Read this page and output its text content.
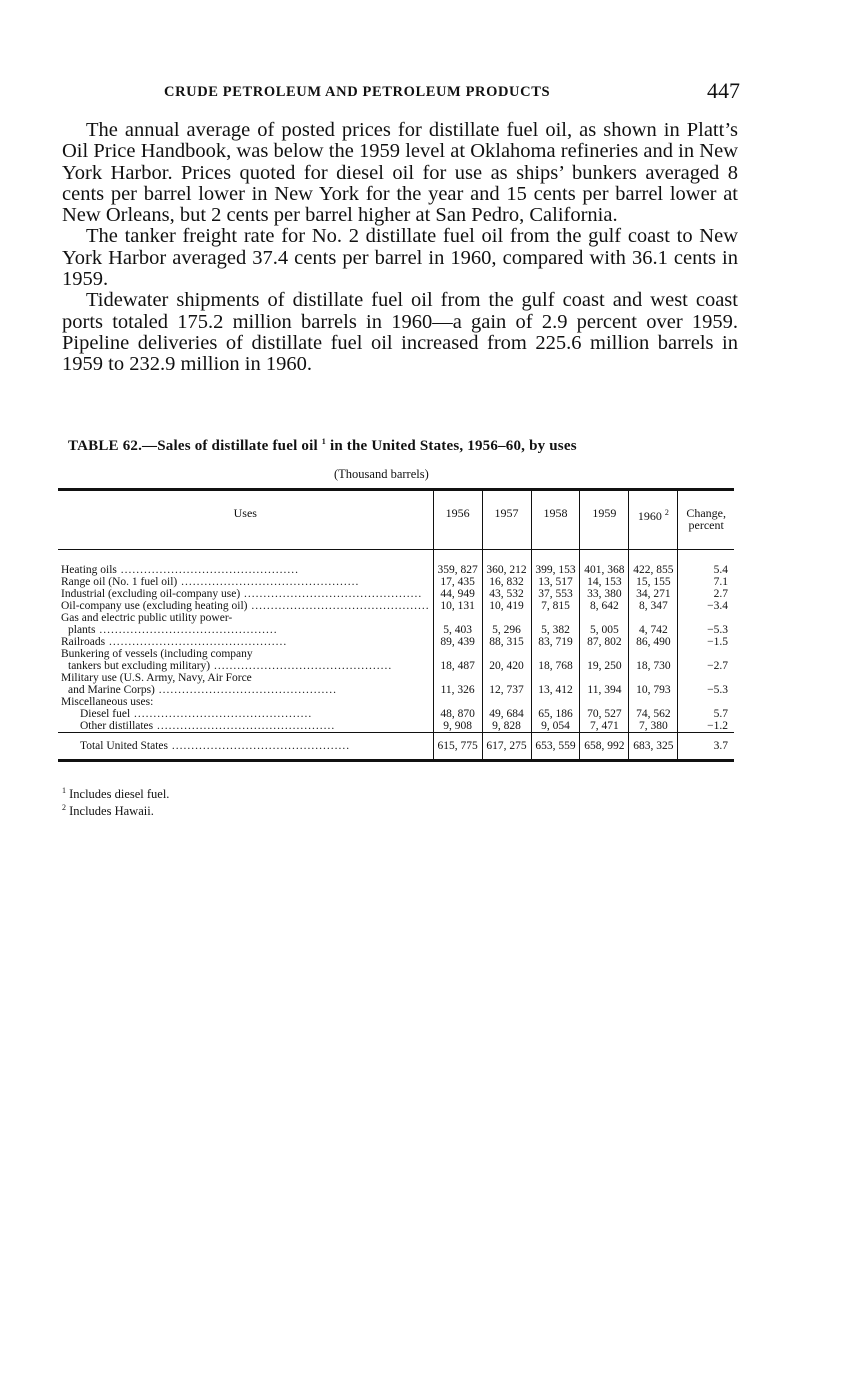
CRUDE PETROLEUM AND PETROLEUM PRODUCTS	447

The annual average of posted prices for distillate fuel oil, as shown in Platt’s Oil Price Handbook, was below the 1959 level at Oklahoma refineries and in New York Harbor. Prices quoted for diesel oil for use as ships’ bunkers averaged 8 cents per barrel lower in New York for the year and 15 cents per barrel lower at New Orleans, but 2 cents per barrel higher at San Pedro, California.

The tanker freight rate for No. 2 distillate fuel oil from the gulf coast to New York Harbor averaged 37.4 cents per barrel in 1960, compared with 36.1 cents in 1959.

Tidewater shipments of distillate fuel oil from the gulf coast and west coast ports totaled 175.2 million barrels in 1960—a gain of 2.9 percent over 1959. Pipeline deliveries of distillate fuel oil increased from 225.6 million barrels in 1959 to 232.9 million in 1960.

TABLE 62.—Sales of distillate fuel oil $^1$ in the United States, 1956–60, by uses
(Thousand barrels)
Uses	1956	1957	1958	1959	1960 $^2$	Change,
percent

Heating oils .....	359, 827	360, 212	399, 153	401, 368	422, 855	5.4
Range oil (No. 1 fuel oil) .....	17, 435	16, 832	13, 517	14, 153	15, 155	7.1
Industrial (excluding oil-company use) .....	44, 949	43, 532	37, 553	33, 380	34, 271	2.7
Oil-company use (excluding heating oil) .....	10, 131	10, 419	7, 815	8, 642	8, 347	−3.4
Gas and electric public utility power-						
plants .....	5, 403	5, 296	5, 382	5, 005	4, 742	−5.3
Railroads .....	89, 439	88, 315	83, 719	87, 802	86, 490	−1.5
Bunkering of vessels (including company						
tankers but excluding military) .....	18, 487	20, 420	18, 768	19, 250	18, 730	−2.7
Military use (U.S. Army, Navy, Air Force						
and Marine Corps) .....	11, 326	12, 737	13, 412	11, 394	10, 793	−5.3
Miscellaneous uses:						
Diesel fuel .....	48, 870	49, 684	65, 186	70, 527	74, 562	5.7
Other distillates .....	9, 908	9, 828	9, 054	7, 471	7, 380	−1.2
Total United States .....	615, 775	617, 275	653, 559	658, 992	683, 325	3.7
$^1$ Includes diesel fuel.
$^2$ Includes Hawaii.
